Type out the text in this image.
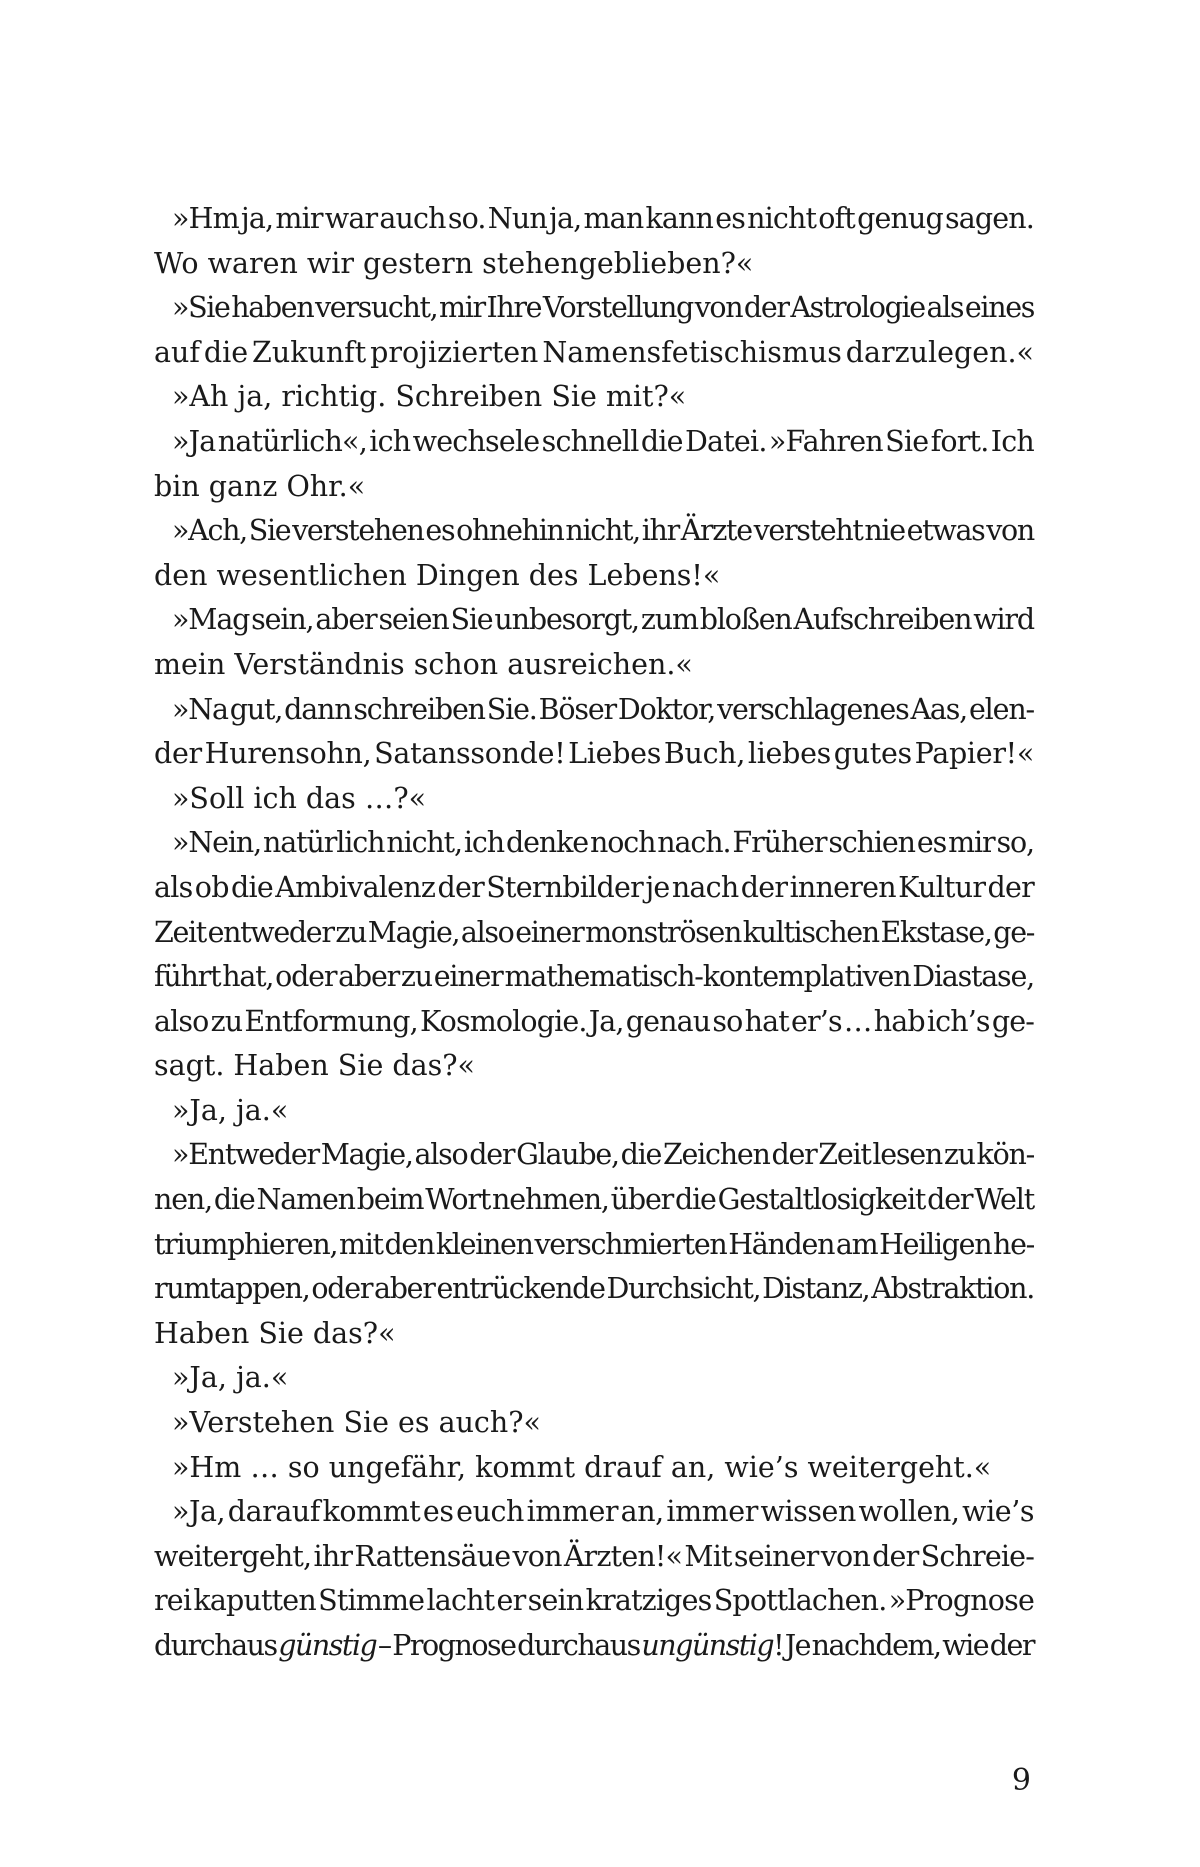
»Hm ja, mir war auch so. Nun ja, man kann es nicht oft genug sagen.
Wo waren wir gestern stehengeblieben?«
»Sie haben versucht, mir Ihre Vorstellung von der Astrologie als eines
auf die Zukunft projizierten Namensfetischismus darzulegen.«
»Ah ja, richtig. Schreiben Sie mit?«
»Ja natürlich«, ich wechsele schnell die Datei. »Fahren Sie fort. Ich
bin ganz Ohr.«
»Ach, Sie verstehen es ohnehin nicht, ihr Ärzte versteht nie etwas von
den wesentlichen Dingen des Lebens!«
»Mag sein, aber seien Sie unbesorgt, zum bloßen Aufschreiben wird
mein Verständnis schon ausreichen.«
»Na gut, dann schreiben Sie. Böser Doktor, verschlagenes Aas, elen-
der Hurensohn, Satanssonde! Liebes Buch, liebes gutes Papier!«
»Soll ich das …?«
»Nein, natürlich nicht, ich denke noch nach. Früher schien es mir so,
als ob die Ambivalenz der Sternbilder je nach der inneren Kultur der
Zeit entweder zu Magie, also einer monströsen kultischen Ekstase, ge-
führt hat, oder aber zu einer mathematisch-kontemplativen Diastase,
also zu Entformung, Kosmologie. Ja, genau so hat er’s … hab ich’s ge-
sagt. Haben Sie das?«
»Ja, ja.«
»Entweder Magie, also der Glaube, die Zeichen der Zeit lesen zu kön-
nen, die Namen beim Wort nehmen, über die Gestaltlosigkeit der Welt
triumphieren, mit den kleinen verschmierten Händen am Heiligen he-
rumtappen, oder aber entrückende Durchsicht, Distanz, Abstraktion.
Haben Sie das?«
»Ja, ja.«
»Verstehen Sie es auch?«
»Hm … so ungefähr, kommt drauf an, wie’s weitergeht.«
»Ja, darauf kommt es euch immer an, immer wissen wollen, wie’s
weitergeht, ihr Rattensäue von Ärzten!« Mit seiner von der Schreie-
rei kaputten Stimme lacht er sein kratziges Spottlachen. »Prognose
durchaus günstig – Prognose durchaus ungünstig! Je nachdem, wie der
9
